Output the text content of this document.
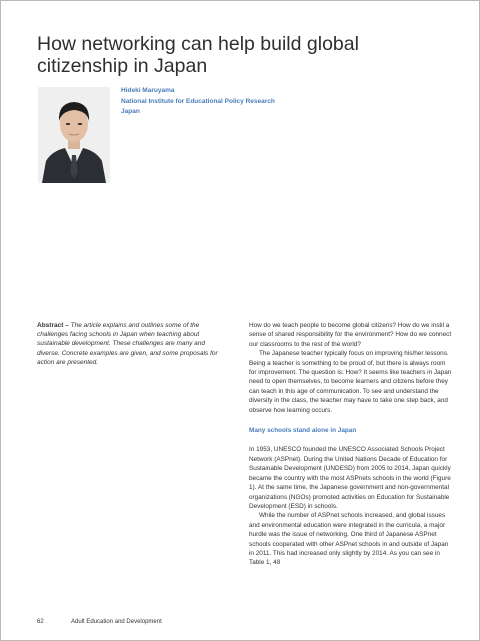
How networking can help build global citizenship in Japan
Hideki Maruyama
National Institute for Educational Policy Research
Japan
Abstract – The article explains and outlines some of the challenges facing schools in Japan when teaching about sustainable development. These challenges are many and diverse. Concrete examples are given, and some proposals for action are presented.

How do we teach people to become global citizens? How do we instil a sense of shared responsibility for the environment? How do we connect our classrooms to the rest of the world?

The Japanese teacher typically focus on improving his/her lessons. Being a teacher is something to be proud of, but there is always room for improvement. The question is: How? It seems like teachers in Japan need to open themselves, to become learners and citizens before they can teach in this age of communication. To see and understand the diversity in the class, the teacher may have to take one step back, and observe how learning occurs.

Many schools stand alone in Japan

In 1953, UNESCO founded the UNESCO Associated Schools Project Network (ASPnet). During the United Nations Decade of Education for Sustainable Development (UNDESD) from 2005 to 2014, Japan quickly became the country with the most ASPnets schools in the world (Figure 1). At the same time, the Japanese government and non-governmental organizations (NGOs) promoted activities on Education for Sustainable Development (ESD) in schools.

While the number of ASPnet schools increased, and global issues and environmental education were integrated in the curricula, a major hurdle was the issue of networking. One third of Japanese ASPnet schools cooperated with other ASPnet schools in and outside of Japan in 2011. This had increased only slightly by 2014. As you can see in Table 1, 48

62	Adult Education and Development
